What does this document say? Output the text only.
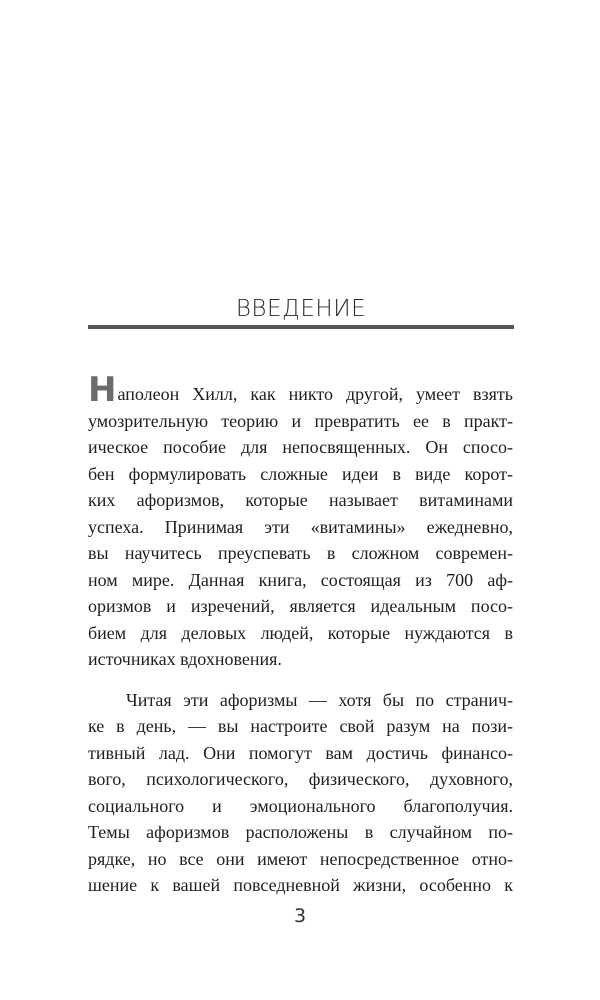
ВВЕДЕНИЕ
Наполеон Хилл, как никто другой, умеет взять
умозрительную теорию и превратить ее в практ-
ическое пособие для непосвященных. Он спосо-
бен формулировать сложные идеи в виде корот-
ких афоризмов, которые называет витаминами
успеха. Принимая эти «витамины» ежедневно,
вы научитесь преуспевать в сложном современ-
ном мире. Данная книга, состоящая из 700 аф-
оризмов и изречений, является идеальным посо-
бием для деловых людей, которые нуждаются в
источниках вдохновения.
Читая эти афоризмы — хотя бы по странич-
ке в день, — вы настроите свой разум на пози-
тивный лад. Они помогут вам достичь финансо-
вого, психологического, физического, духовного,
социального и эмоционального благополучия.
Темы афоризмов расположены в случайном по-
рядке, но все они имеют непосредственное отно-
шение к вашей повседневной жизни, особенно к
3
